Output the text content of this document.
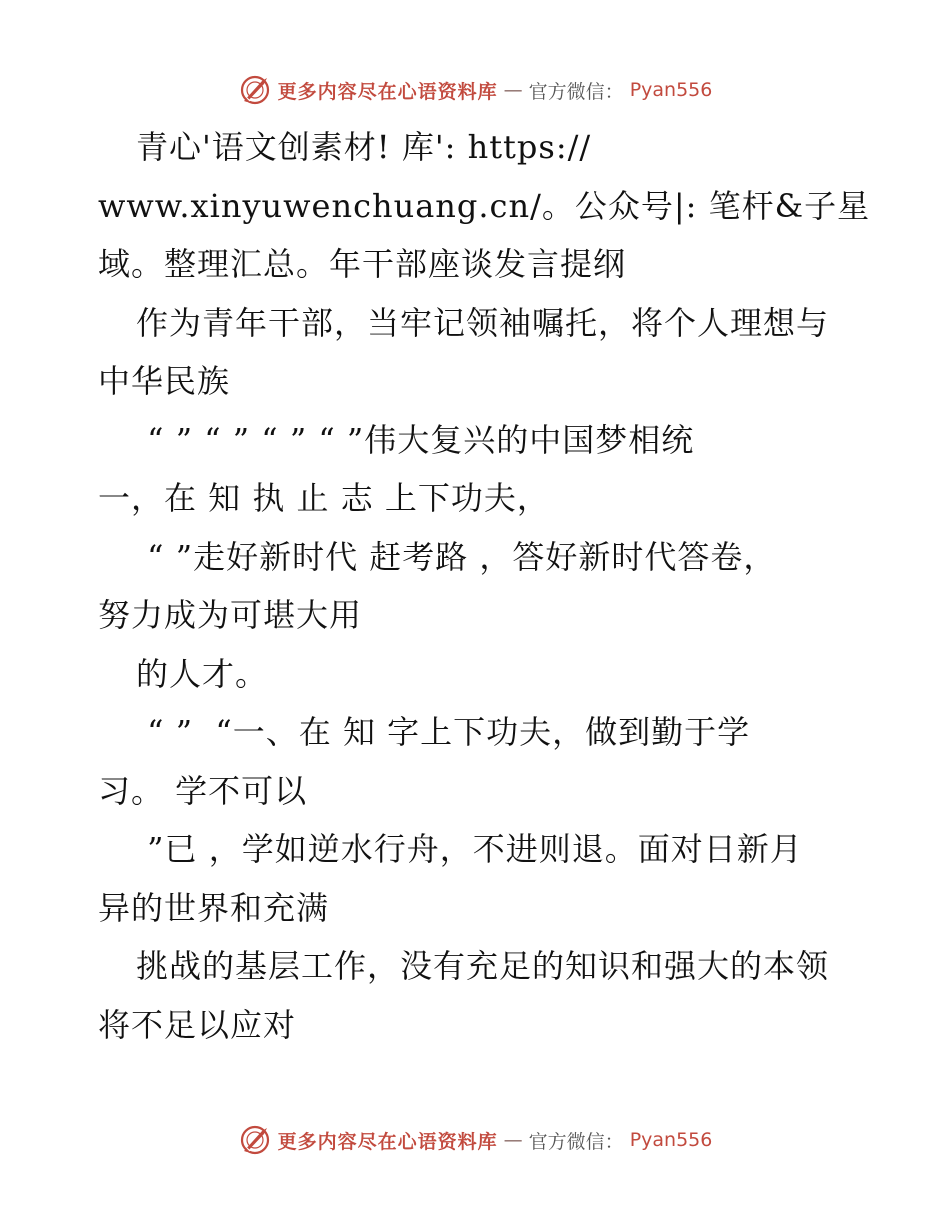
更多内容尽在心语资料库 — 官方微信： Pyan556
青心'语文创素材! 库': https://
www.xinyuwenchuang.cn/。公众号|: 笔杆&子星
域。整理汇总。年干部座谈发言提纲
作为青年干部，当牢记领袖嘱托，将个人理想与
中华民族
“ ” “ ” “ ” “ ”伟大复兴的中国梦相统
一，在 知 执 止 志 上下功夫，
“ ”走好新时代 赶考路 ，答好新时代答卷，
努力成为可堪大用
的人才。
“ ”  “一、在 知 字上下功夫，做到勤于学
习。 学不可以
”已 ，学如逆水行舟，不进则退。面对日新月
异的世界和充满
挑战的基层工作，没有充足的知识和强大的本领
将不足以应对
更多内容尽在心语资料库 — 官方微信： Pyan556
